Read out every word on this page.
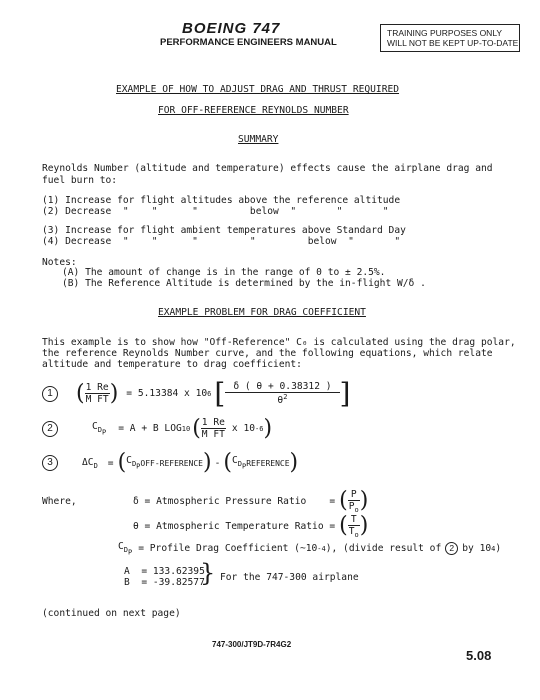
BOEING 747
PERFORMANCE ENGINEERS MANUAL
TRAINING PURPOSES ONLY
WILL NOT BE KEPT UP-TO-DATE
EXAMPLE OF HOW TO ADJUST DRAG AND THRUST REQUIRED
FOR OFF-REFERENCE REYNOLDS NUMBER
SUMMARY
Reynolds Number (altitude and temperature) effects cause the airplane drag and
fuel burn to:
(1) Increase for flight altitudes above the reference altitude
(2) Decrease  "    "      "         below  "       "       "
(3) Increase for flight ambient temperatures above Standard Day
(4) Decrease  "    "      "         "         below  "       "
Notes:
(A) The amount of change is in the range of 0 to ± 2.5%.
(B) The Reference Altitude is determined by the in-flight W/δ .
EXAMPLE PROBLEM FOR DRAG COEFFICIENT
This example is to show how "Off-Reference" C₀ is calculated using the drag polar,
the reference Reynolds Number curve, and the following equations, which relate
altitude and temperature to drag coefficient:
1 ( $\frac{1 Re}{\text{M FT}}$ ) = 5.13384 x 10 6 [ $\frac{\delta ( \theta + 0.38312 )}{\theta^2}$ ]
2	$C_{D_P} = A + B$ LOG 10 ( $\frac{1 Re}{\text{M FT}}$ x 10 -6 )
3	$\Delta C_D$ = ( $C_{D_POFF-REFERENCE}$ ) - ( $C_{D_PREFERENCE}$ )
Where,	δ = Atmospheric Pressure Ratio    = ( $\frac{P}{P_o}$ )
θ = Atmospheric Temperature Ratio = ( $\frac{T}{T_o}$ )
$C_{D_P}$ = Profile Drag Coefficient (~10 -4 ), (divide result of 2 by 10 4 )
A  = 133.62395
B  = -39.82577
} For the 747-300 airplane
(continued on next page)
747-300/JT9D-7R4G2
5.08
